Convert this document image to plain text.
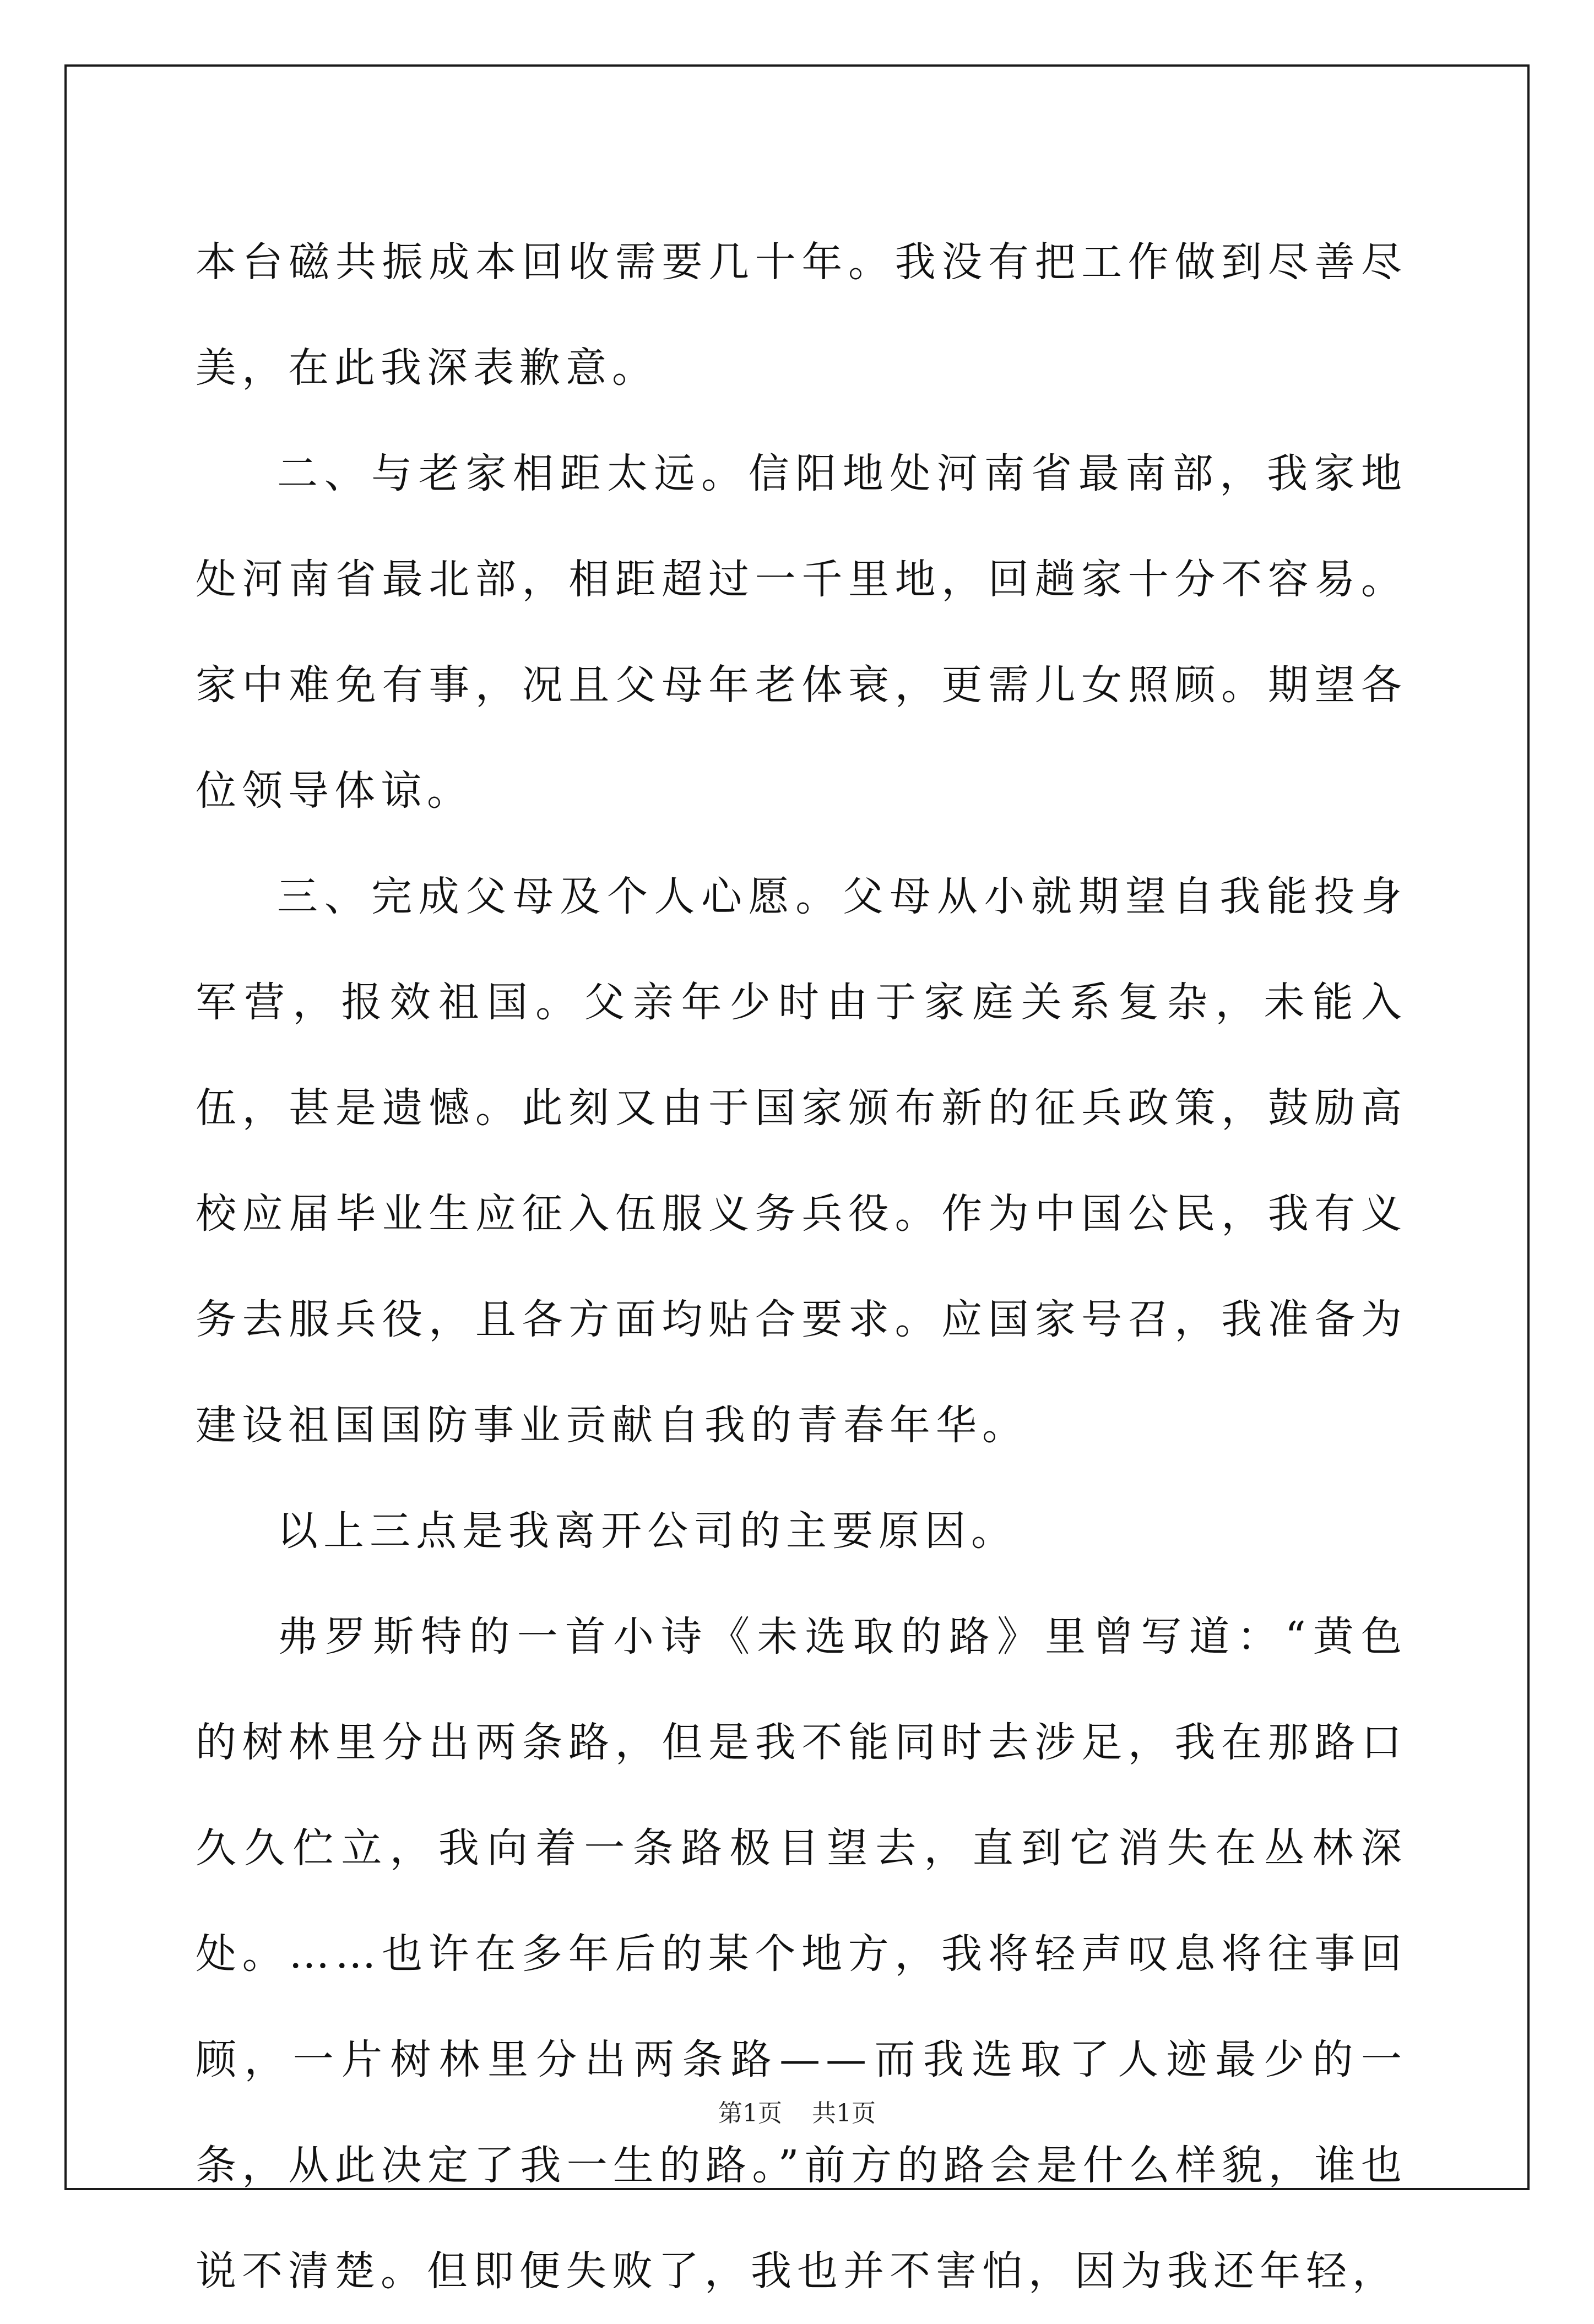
本台磁共振成本回收需要几十年。我没有把工作做到尽善尽美，在此我深表歉意。

二、与老家相距太远。信阳地处河南省最南部，我家地处河南省最北部，相距超过一千里地，回趟家十分不容易。家中难免有事，况且父母年老体衰，更需儿女照顾。期望各位领导体谅。

三、完成父母及个人心愿。父母从小就期望自我能投身军营，报效祖国。父亲年少时由于家庭关系复杂，未能入伍，甚是遗憾。此刻又由于国家颁布新的征兵政策，鼓励高校应届毕业生应征入伍服义务兵役。作为中国公民，我有义务去服兵役，且各方面均贴合要求。应国家号召，我准备为建设祖国国防事业贡献自我的青春年华。

以上三点是我离开公司的主要原因。

弗罗斯特的一首小诗《未选取的路》里曾写道：“黄色的树林里分出两条路，但是我不能同时去涉足，我在那路口久久伫立，我向着一条路极目望去，直到它消失在丛林深处。……也许在多年后的某个地方，我将轻声叹息将往事回顾，一片树林里分出两条路——而我选取了人迹最少的一条，从此决定了我一生的路。”前方的路会是什么样貌，谁也说不清楚。但即便失败了，我也并不害怕，因为我还年轻，

第1页 共1页
